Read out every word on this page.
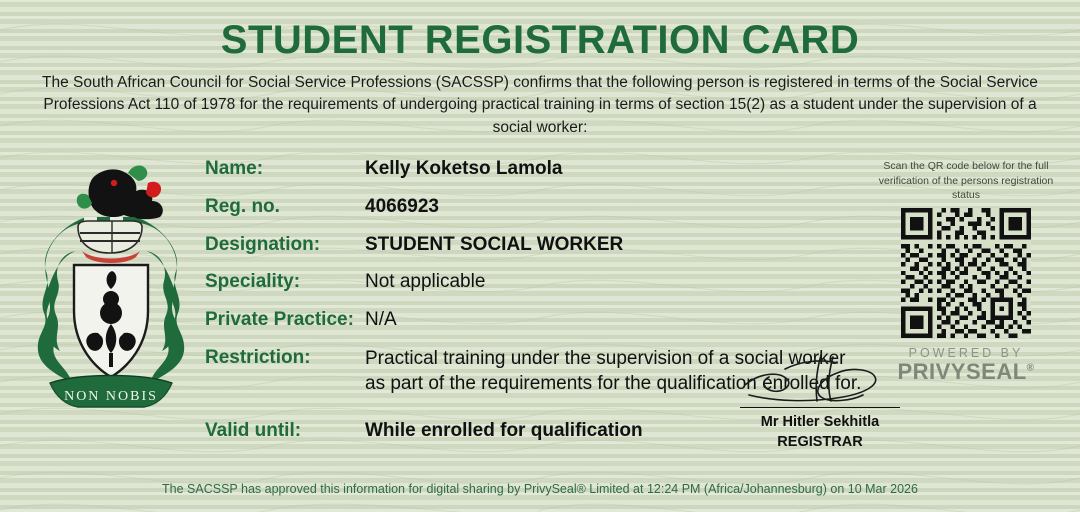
STUDENT REGISTRATION CARD
The South African Council for Social Service Professions (SACSSP) confirms that the following person is registered in terms of the Social Service Professions Act 110 of 1978 for the requirements of undergoing practical training in terms of section 15(2) as a student under the supervision of a social worker:
NON NOBIS
Name:	Kelly Koketso Lamola
Reg. no.	4066923
Designation:	STUDENT SOCIAL WORKER
Speciality:	Not applicable
Private Practice: N/A
Restriction:	Practical training under the supervision of a social worker as part of the requirements for the qualification enrolled for.
Valid until:	While enrolled for qualification	Mr Hitler Sekhitla
REGISTRAR
Scan the QR code below for the full verification of the persons registration status
POWERED BY
PRIVYSEAL®
The SACSSP has approved this information for digital sharing by PrivySeal® Limited at 12:24 PM (Africa/Johannesburg) on 10 Mar 2026
